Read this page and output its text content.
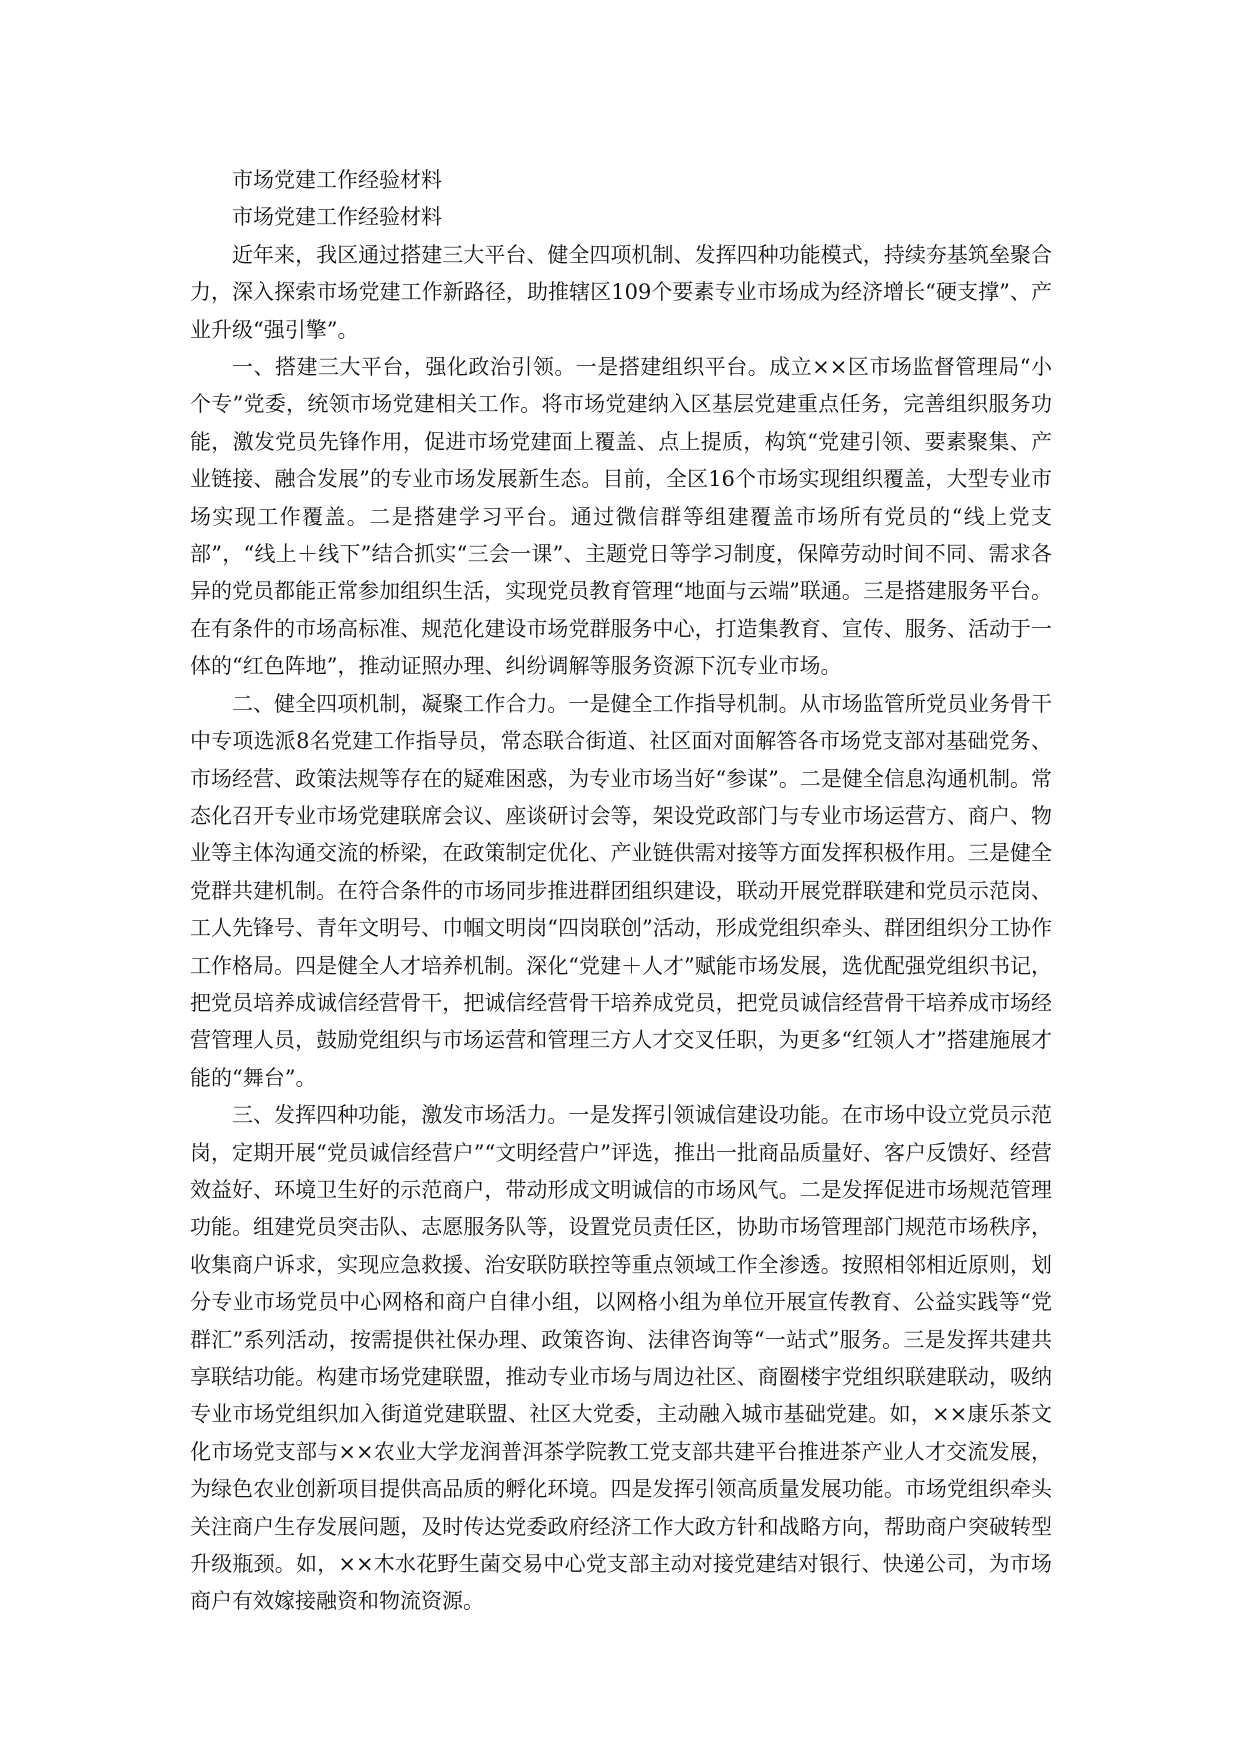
市场党建工作经验材料

市场党建工作经验材料

近年来，我区通过搭建三大平台、健全四项机制、发挥四种功能模式，持续夯基筑垒聚合力，深入探索市场党建工作新路径，助推辖区109个要素专业市场成为经济增长“硬支撑”、产业升级“强引擎”。

一、搭建三大平台，强化政治引领。一是搭建组织平台。成立××区市场监督管理局“小个专”党委，统领市场党建相关工作。将市场党建纳入区基层党建重点任务，完善组织服务功能，激发党员先锋作用，促进市场党建面上覆盖、点上提质，构筑“党建引领、要素聚集、产业链接、融合发展”的专业市场发展新生态。目前，全区16个市场实现组织覆盖，大型专业市场实现工作覆盖。二是搭建学习平台。通过微信群等组建覆盖市场所有党员的“线上党支部”，“线上＋线下”结合抓实“三会一课”、主题党日等学习制度，保障劳动时间不同、需求各异的党员都能正常参加组织生活，实现党员教育管理“地面与云端”联通。三是搭建服务平台。在有条件的市场高标准、规范化建设市场党群服务中心，打造集教育、宣传、服务、活动于一体的“红色阵地”，推动证照办理、纠纷调解等服务资源下沉专业市场。

二、健全四项机制，凝聚工作合力。一是健全工作指导机制。从市场监管所党员业务骨干中专项选派8名党建工作指导员，常态联合街道、社区面对面解答各市场党支部对基础党务、市场经营、政策法规等存在的疑难困惑，为专业市场当好“参谋”。二是健全信息沟通机制。常态化召开专业市场党建联席会议、座谈研讨会等，架设党政部门与专业市场运营方、商户、物业等主体沟通交流的桥梁，在政策制定优化、产业链供需对接等方面发挥积极作用。三是健全党群共建机制。在符合条件的市场同步推进群团组织建设，联动开展党群联建和党员示范岗、工人先锋号、青年文明号、巾帼文明岗“四岗联创”活动，形成党组织牵头、群团组织分工协作工作格局。四是健全人才培养机制。深化“党建＋人才”赋能市场发展，选优配强党组织书记，把党员培养成诚信经营骨干，把诚信经营骨干培养成党员，把党员诚信经营骨干培养成市场经营管理人员，鼓励党组织与市场运营和管理三方人才交叉任职，为更多“红领人才”搭建施展才能的“舞台”。

三、发挥四种功能，激发市场活力。一是发挥引领诚信建设功能。在市场中设立党员示范岗，定期开展“党员诚信经营户”“文明经营户”评选，推出一批商品质量好、客户反馈好、经营效益好、环境卫生好的示范商户，带动形成文明诚信的市场风气。二是发挥促进市场规范管理功能。组建党员突击队、志愿服务队等，设置党员责任区，协助市场管理部门规范市场秩序，收集商户诉求，实现应急救援、治安联防联控等重点领域工作全渗透。按照相邻相近原则，划分专业市场党员中心网格和商户自律小组，以网格小组为单位开展宣传教育、公益实践等“党群汇”系列活动，按需提供社保办理、政策咨询、法律咨询等“一站式”服务。三是发挥共建共享联结功能。构建市场党建联盟，推动专业市场与周边社区、商圈楼宇党组织联建联动，吸纳专业市场党组织加入街道党建联盟、社区大党委，主动融入城市基础党建。如，××康乐茶文化市场党支部与××农业大学龙润普洱茶学院教工党支部共建平台推进茶产业人才交流发展，为绿色农业创新项目提供高品质的孵化环境。四是发挥引领高质量发展功能。市场党组织牵头关注商户生存发展问题，及时传达党委政府经济工作大政方针和战略方向，帮助商户突破转型升级瓶颈。如，××木水花野生菌交易中心党支部主动对接党建结对银行、快递公司，为市场商户有效嫁接融资和物流资源。
